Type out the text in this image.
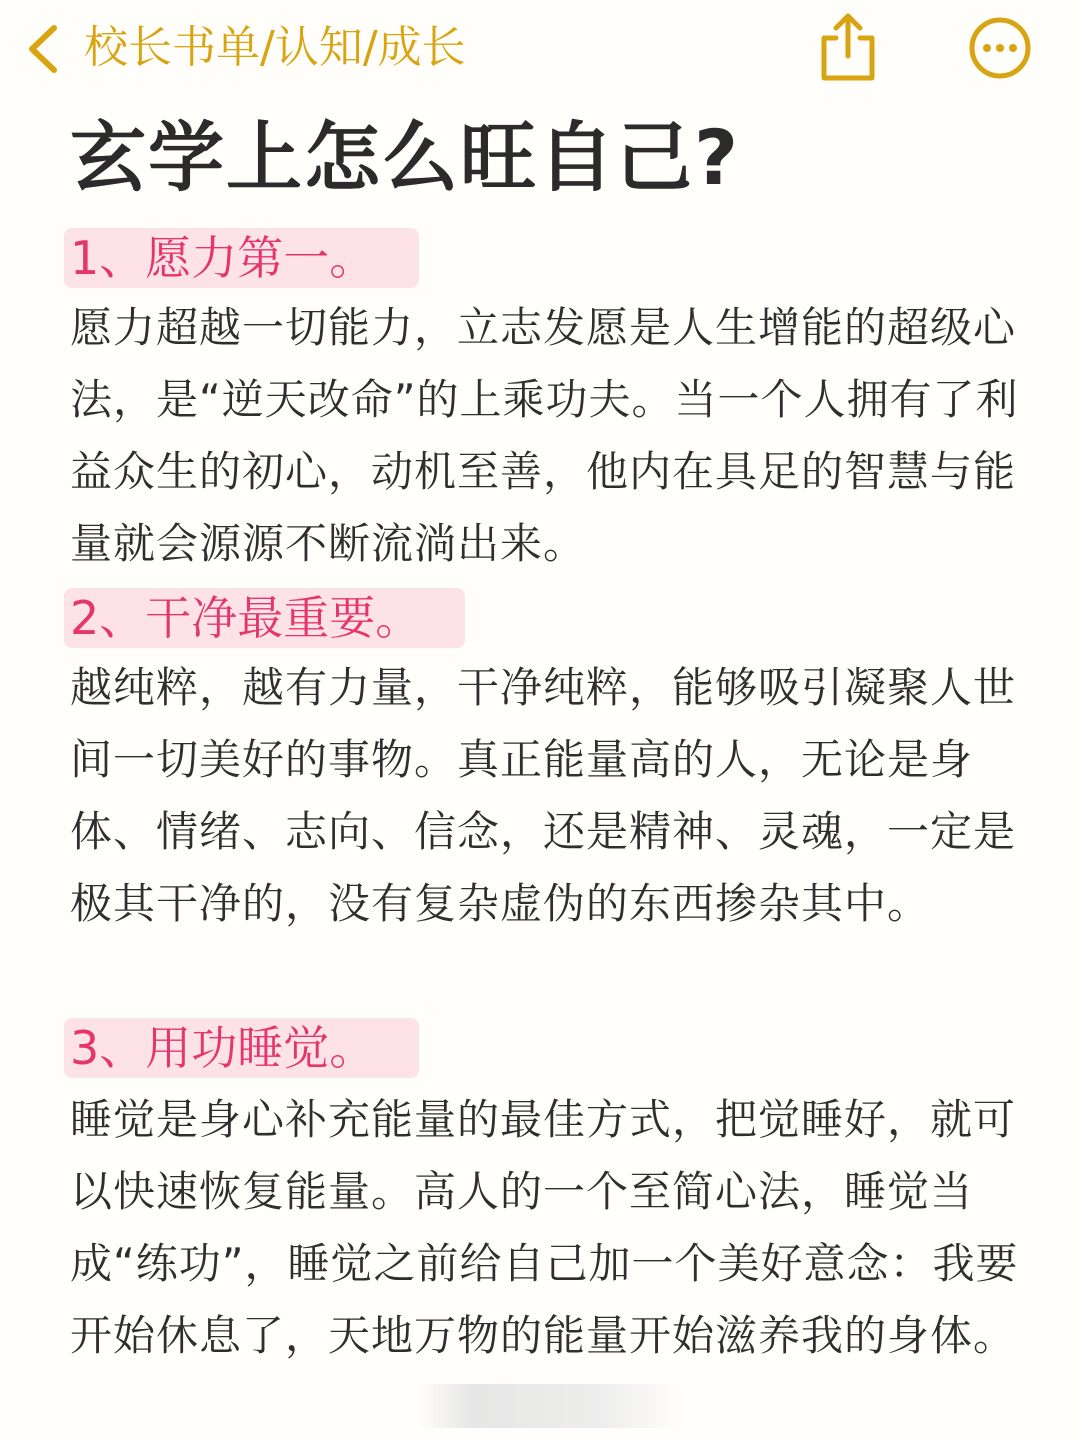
校长书单/认知/成长
玄学上怎么旺自己?
1、愿力第一。

愿力超越一切能力，立志发愿是人生增能的超级心法，是“逆天改命”的上乘功夫。当一个人拥有了利益众生的初心，动机至善，他内在具足的智慧与能量就会源源不断流淌出来。

2、干净最重要。

越纯粹，越有力量，干净纯粹，能够吸引凝聚人世间一切美好的事物。真正能量高的人，无论是身体、情绪、志向、信念，还是精神、灵魂，一定是极其干净的，没有复杂虚伪的东西掺杂其中。

3、用功睡觉。

睡觉是身心补充能量的最佳方式，把觉睡好，就可以快速恢复能量。高人的一个至简心法，睡觉当成“练功”，睡觉之前给自己加一个美好意念：我要开始休息了，天地万物的能量开始滋养我的身体。
